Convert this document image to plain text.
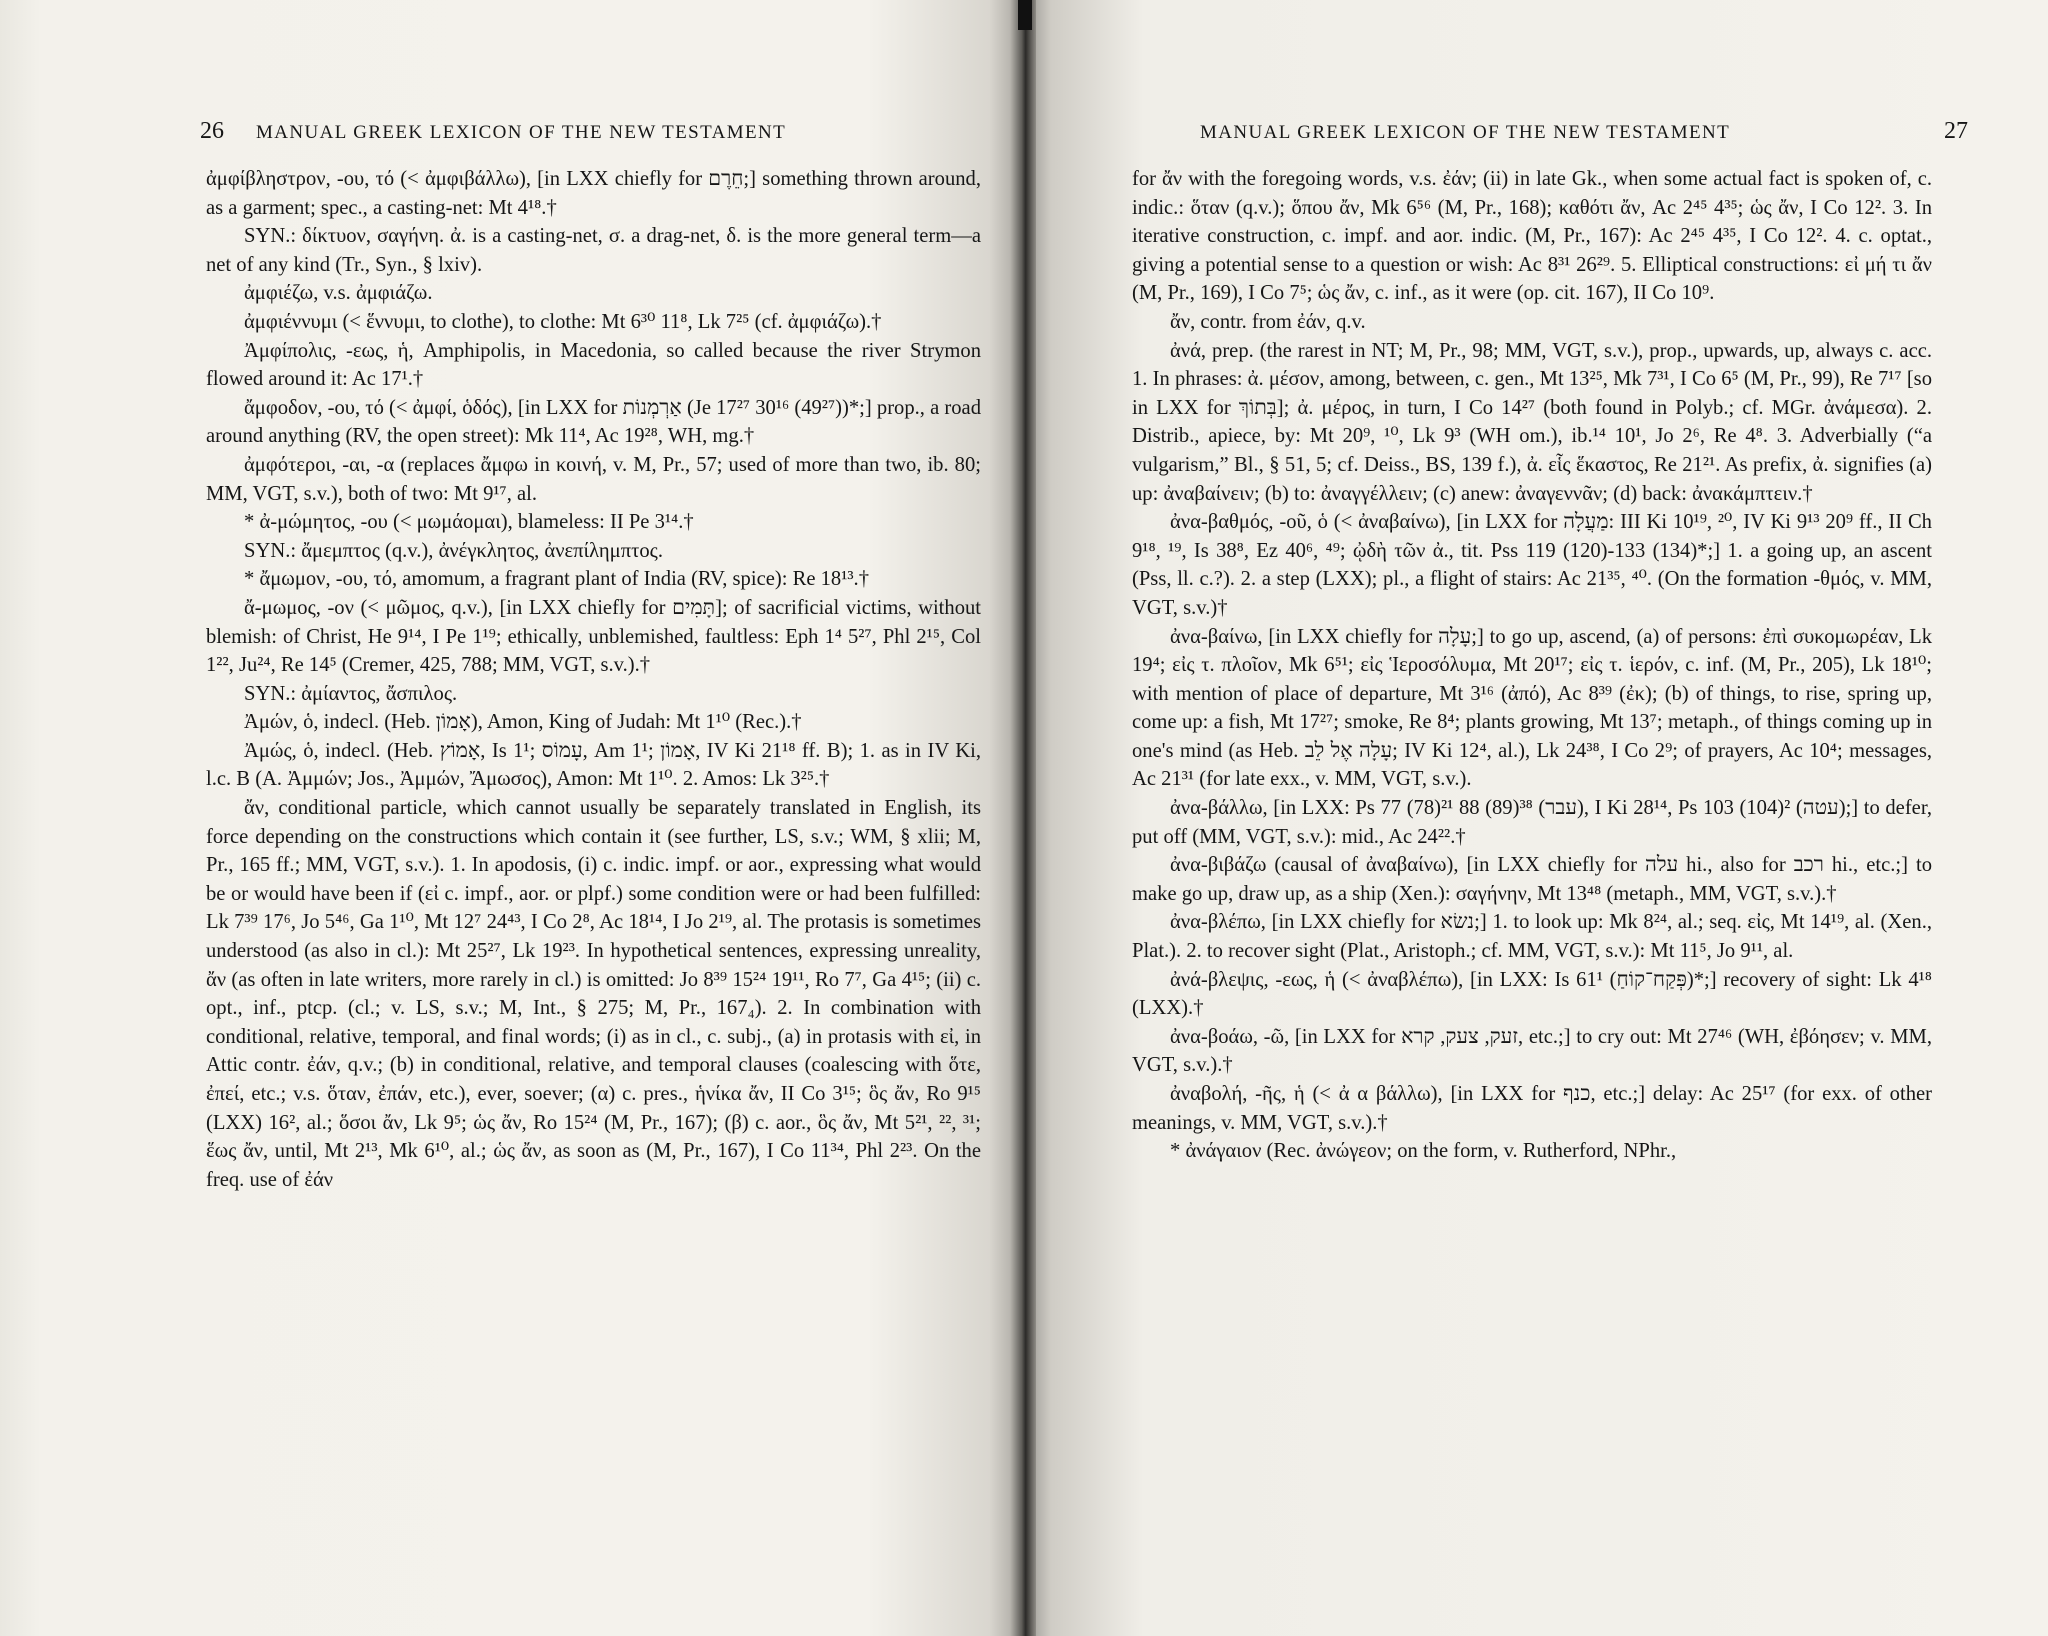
26 MANUAL GREEK LEXICON OF THE NEW TESTAMENT

ἀμφίβληστρον, -ου, τό (< ἀμφιβάλλω), [in LXX chiefly for חֵרֶם;] something thrown around, as a garment; spec., a casting-net: Mt 4¹⁸.†

SYN.: δίκτυον, σαγήνη. ἀ. is a casting-net, σ. a drag-net, δ. is the more general term—a net of any kind (Tr., Syn., § lxiv).

ἀμφιέζω, v.s. ἀμφιάζω.

ἀμφιέννυμι (< ἕννυμι, to clothe), to clothe: Mt 6³⁰ 11⁸, Lk 7²⁵ (cf. ἀμφιάζω).†

Ἀμφίπολις, -εως, ἡ, Amphipolis, in Macedonia, so called because the river Strymon flowed around it: Ac 17¹.†

ἄμφοδον, -ου, τό (< ἀμφί, ὁδός), [in LXX for אַרְמְנוֹת (Je 17²⁷ 30¹⁶ (49²⁷))*;] prop., a road around anything (RV, the open street): Mk 11⁴, Ac 19²⁸, WH, mg.†

ἀμφότεροι, -αι, -α (replaces ἄμφω in κοινή, v. M, Pr., 57; used of more than two, ib. 80; MM, VGT, s.v.), both of two: Mt 9¹⁷, al.

* ἀ-μώμητος, -ου (< μωμάομαι), blameless: II Pe 3¹⁴.†

SYN.: ἄμεμπτος (q.v.), ἀνέγκλητος, ἀνεπίλημπτος.

* ἄμωμον, -ου, τό, amomum, a fragrant plant of India (RV, spice): Re 18¹³.†

ἄ-μωμος, -ον (< μῶμος, q.v.), [in LXX chiefly for תָּמִים]; of sacrificial victims, without blemish: of Christ, He 9¹⁴, I Pe 1¹⁹; ethically, unblemished, faultless: Eph 1⁴ 5²⁷, Phl 2¹⁵, Col 1²², Ju²⁴, Re 14⁵ (Cremer, 425, 788; MM, VGT, s.v.).†

SYN.: ἀμίαντος, ἄσπιλος.

Ἀμών, ὁ, indecl. (Heb. אָמוֹן), Amon, King of Judah: Mt 1¹⁰ (Rec.).†

Ἀμώς, ὁ, indecl. (Heb. אָמוֹץ, Is 1¹; עָמוֹס, Am 1¹; אָמוֹן, IV Ki 21¹⁸ ff. B); 1. as in IV Ki, l.c. B (A. Ἀμμών; Jos., Ἀμμών, Ἄμωσος), Amon: Mt 1¹⁰. 2. Amos: Lk 3²⁵.†

ἄν, conditional particle, which cannot usually be separately translated in English, its force depending on the constructions which contain it (see further, LS, s.v.; WM, § xlii; M, Pr., 165 ff.; MM, VGT, s.v.). 1. In apodosis, (i) c. indic. impf. or aor., expressing what would be or would have been if (εἰ c. impf., aor. or plpf.) some condition were or had been fulfilled: Lk 7³⁹ 17⁶, Jo 5⁴⁶, Ga 1¹⁰, Mt 12⁷ 24⁴³, I Co 2⁸, Ac 18¹⁴, I Jo 2¹⁹, al. The protasis is sometimes understood (as also in cl.): Mt 25²⁷, Lk 19²³. In hypothetical sentences, expressing unreality, ἄν (as often in late writers, more rarely in cl.) is omitted: Jo 8³⁹ 15²⁴ 19¹¹, Ro 7⁷, Ga 4¹⁵; (ii) c. opt., inf., ptcp. (cl.; v. LS, s.v.; M, Int., § 275; M, Pr., 167₄). 2. In combination with conditional, relative, temporal, and final words; (i) as in cl., c. subj., (a) in protasis with εἰ, in Attic contr. ἐάν, q.v.; (b) in conditional, relative, and temporal clauses (coalescing with ὅτε, ἐπεί, etc.; v.s. ὅταν, ἐπάν, etc.), ever, soever; (α) c. pres., ἡνίκα ἄν, II Co 3¹⁵; ὃς ἄν, Ro 9¹⁵ (LXX) 16², al.; ὅσοι ἄν, Lk 9⁵; ὡς ἄν, Ro 15²⁴ (M, Pr., 167); (β) c. aor., ὃς ἄν, Mt 5²¹, ²², ³¹; ἕως ἄν, until, Mt 2¹³, Mk 6¹⁰, al.; ὡς ἄν, as soon as (M, Pr., 167), I Co 11³⁴, Phl 2²³. On the freq. use of ἐάν

MANUAL GREEK LEXICON OF THE NEW TESTAMENT	27

for ἄν with the foregoing words, v.s. ἐάν; (ii) in late Gk., when some actual fact is spoken of, c. indic.: ὅταν (q.v.); ὅπου ἄν, Mk 6⁵⁶ (M, Pr., 168); καθότι ἄν, Ac 2⁴⁵ 4³⁵; ὡς ἄν, I Co 12². 3. In iterative construction, c. impf. and aor. indic. (M, Pr., 167): Ac 2⁴⁵ 4³⁵, I Co 12². 4. c. optat., giving a potential sense to a question or wish: Ac 8³¹ 26²⁹. 5. Elliptical constructions: εἰ μή τι ἄν (M, Pr., 169), I Co 7⁵; ὡς ἄν, c. inf., as it were (op. cit. 167), II Co 10⁹.

ἄν, contr. from ἐάν, q.v.

ἀνά, prep. (the rarest in NT; M, Pr., 98; MM, VGT, s.v.), prop., upwards, up, always c. acc. 1. In phrases: ἀ. μέσον, among, between, c. gen., Mt 13²⁵, Mk 7³¹, I Co 6⁵ (M, Pr., 99), Re 7¹⁷ [so in LXX for בְּתוֹךְ]; ἀ. μέρος, in turn, I Co 14²⁷ (both found in Polyb.; cf. MGr. ἀνάμεσα). 2. Distrib., apiece, by: Mt 20⁹, ¹⁰, Lk 9³ (WH om.), ib.¹⁴ 10¹, Jo 2⁶, Re 4⁸. 3. Adverbially (“a vulgarism,” Bl., § 51, 5; cf. Deiss., BS, 139 f.), ἀ. εἷς ἕκαστος, Re 21²¹. As prefix, ἀ. signifies (a) up: ἀναβαίνειν; (b) to: ἀναγγέλλειν; (c) anew: ἀναγεννᾶν; (d) back: ἀνακάμπτειν.†

ἀνα-βαθμός, -οῦ, ὁ (< ἀναβαίνω), [in LXX for מַעֲלָה: III Ki 10¹⁹, ²⁰, IV Ki 9¹³ 20⁹ ff., II Ch 9¹⁸, ¹⁹, Is 38⁸, Ez 40⁶, ⁴⁹; ᾠδὴ τῶν ἀ., tit. Pss 119 (120)-133 (134)*;] 1. a going up, an ascent (Pss, ll. c.?). 2. a step (LXX); pl., a flight of stairs: Ac 21³⁵, ⁴⁰. (On the formation -θμός, v. MM, VGT, s.v.)†

ἀνα-βαίνω, [in LXX chiefly for עָלָה;] to go up, ascend, (a) of persons: ἐπὶ συκομωρέαν, Lk 19⁴; εἰς τ. πλοῖον, Mk 6⁵¹; εἰς Ἱεροσόλυμα, Mt 20¹⁷; εἰς τ. ἱερόν, c. inf. (M, Pr., 205), Lk 18¹⁰; with mention of place of departure, Mt 3¹⁶ (ἀπό), Ac 8³⁹ (ἐκ); (b) of things, to rise, spring up, come up: a fish, Mt 17²⁷; smoke, Re 8⁴; plants growing, Mt 13⁷; metaph., of things coming up in one's mind (as Heb. עָלָה אֶל לֵב; IV Ki 12⁴, al.), Lk 24³⁸, I Co 2⁹; of prayers, Ac 10⁴; messages, Ac 21³¹ (for late exx., v. MM, VGT, s.v.).

ἀνα-βάλλω, [in LXX: Ps 77 (78)²¹ 88 (89)³⁸ (עבר), I Ki 28¹⁴, Ps 103 (104)² (עטה);] to defer, put off (MM, VGT, s.v.): mid., Ac 24²².†

ἀνα-βιβάζω (causal of ἀναβαίνω), [in LXX chiefly for עלה hi., also for רכב hi., etc.;] to make go up, draw up, as a ship (Xen.): σαγήνην, Mt 13⁴⁸ (metaph., MM, VGT, s.v.).†

ἀνα-βλέπω, [in LXX chiefly for נשׂא;] 1. to look up: Mk 8²⁴, al.; seq. εἰς, Mt 14¹⁹, al. (Xen., Plat.). 2. to recover sight (Plat., Aristoph.; cf. MM, VGT, s.v.): Mt 11⁵, Jo 9¹¹, al.

ἀνά-βλεψις, -εως, ἡ (< ἀναβλέπω), [in LXX: Is 61¹ (פְּקַח־קוֹחַ)*;] recovery of sight: Lk 4¹⁸ (LXX).†

ἀνα-βοάω, -ῶ, [in LXX for זעק, צעק, קרא, etc.;] to cry out: Mt 27⁴⁶ (WH, ἐβόησεν; v. MM, VGT, s.v.).†

ἀναβολή, -ῆς, ἡ (< ἀ α βάλλω), [in LXX for כנף, etc.;] delay: Ac 25¹⁷ (for exx. of other meanings, v. MM, VGT, s.v.).†

* ἀνάγαιον (Rec. ἀνώγεον; on the form, v. Rutherford, NPhr.,
